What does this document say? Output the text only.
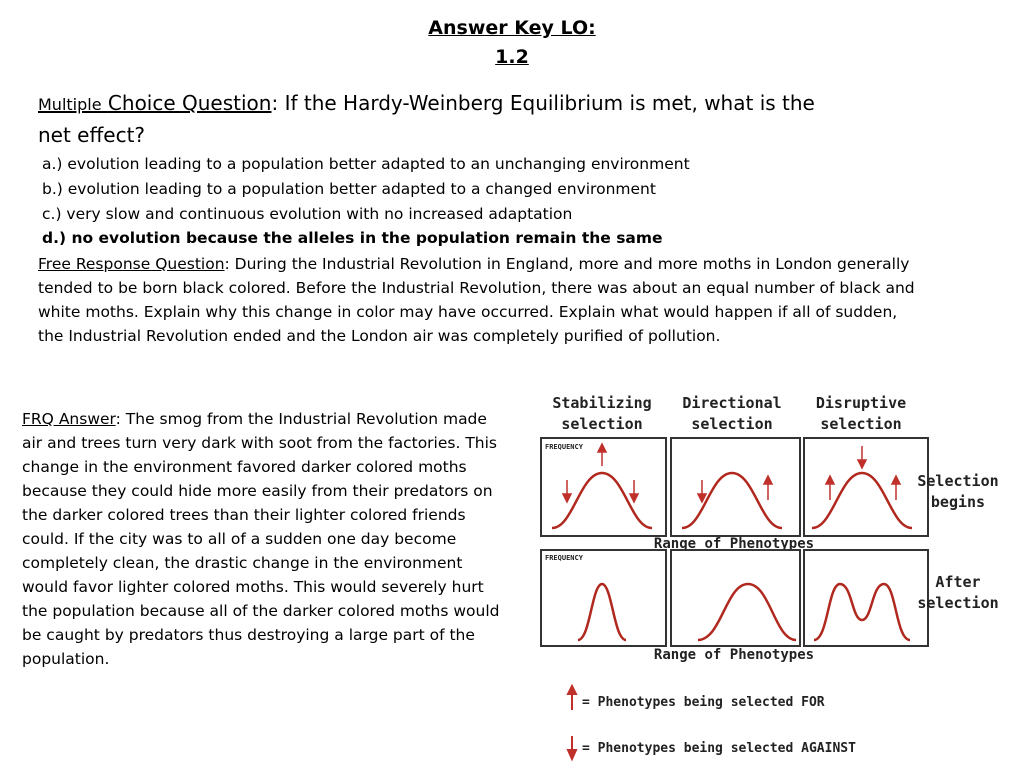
Answer Key LO:
1.2
Multiple Choice Question: If the Hardy-Weinberg Equilibrium is met, what is the net effect?
a.) evolution leading to a population better adapted to an unchanging environment
b.) evolution leading to a population better adapted to a changed environment
c.) very slow and continuous evolution with no increased adaptation
d.) no evolution because the alleles in the population remain the same
Free Response Question: During the Industrial Revolution in England, more and more moths in London generally tended to be born black colored. Before the Industrial Revolution, there was about an equal number of black and white moths. Explain why this change in color may have occurred. Explain what would happen if all of sudden, the Industrial Revolution ended and the London air was completely purified of pollution.
FRQ Answer: The smog from the Industrial Revolution made air and trees turn very dark with soot from the factories. This change in the environment favored darker colored moths because they could hide more easily from their predators on the darker colored trees than their lighter colored friends could. If the city was to all of a sudden one day become completely clean, the drastic change in the environment would favor lighter colored moths. This would severely hurt the population because all of the darker colored moths would be caught by predators thus destroying a large part of the population.
Stabilizing
selection
Directional
selection
Disruptive
selection
FREQUENCY
Selection
begins
Range of Phenotypes
FREQUENCY
After
selection
Range of Phenotypes
= Phenotypes being selected FOR
= Phenotypes being selected AGAINST
